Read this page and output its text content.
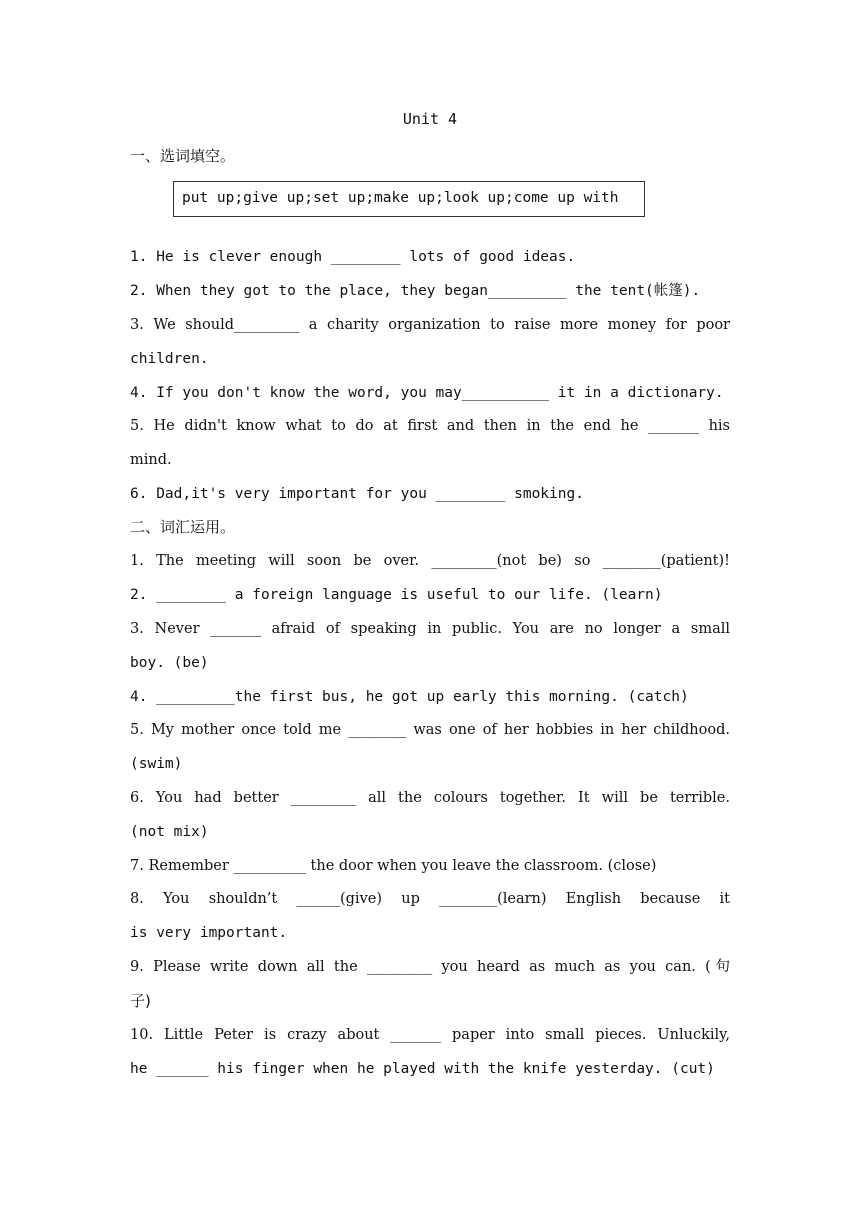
Unit 4
一、选词填空。
put up;give up;set up;make up;look up;come up with
1. He is clever enough ________ lots of good ideas.
2. When they got to the place, they began_________ the tent(帐篷).
3. We should_________ a charity organization to raise more money for poor
children.
4. If you don't know the word, you may__________ it in a dictionary.
5. He didn't know what to do at first and then in the end he _______ his
mind.
6. Dad,it's very important for you ________ smoking.
二、词汇运用。
1. The meeting will soon be over. _________(not be) so ________(patient)!
2. ________ a foreign language is useful to our life. (learn)
3. Never _______ afraid of speaking in public. You are no longer a small
boy. (be)
4. _________the first bus, he got up early this morning. (catch)
5. My mother once told me ________ was one of her hobbies in her childhood.
(swim)
6. You had better _________ all the colours together. It will be terrible.
(not mix)
7. Remember __________ the door when you leave the classroom. (close)
8. You shouldn’t ______(give) up ________(learn) English because it
is very important.
9. Please write down all the _________ you heard as much as you can. (句
子)
10. Little Peter is crazy about _______ paper into small pieces. Unluckily,
he ______ his finger when he played with the knife yesterday. (cut)
